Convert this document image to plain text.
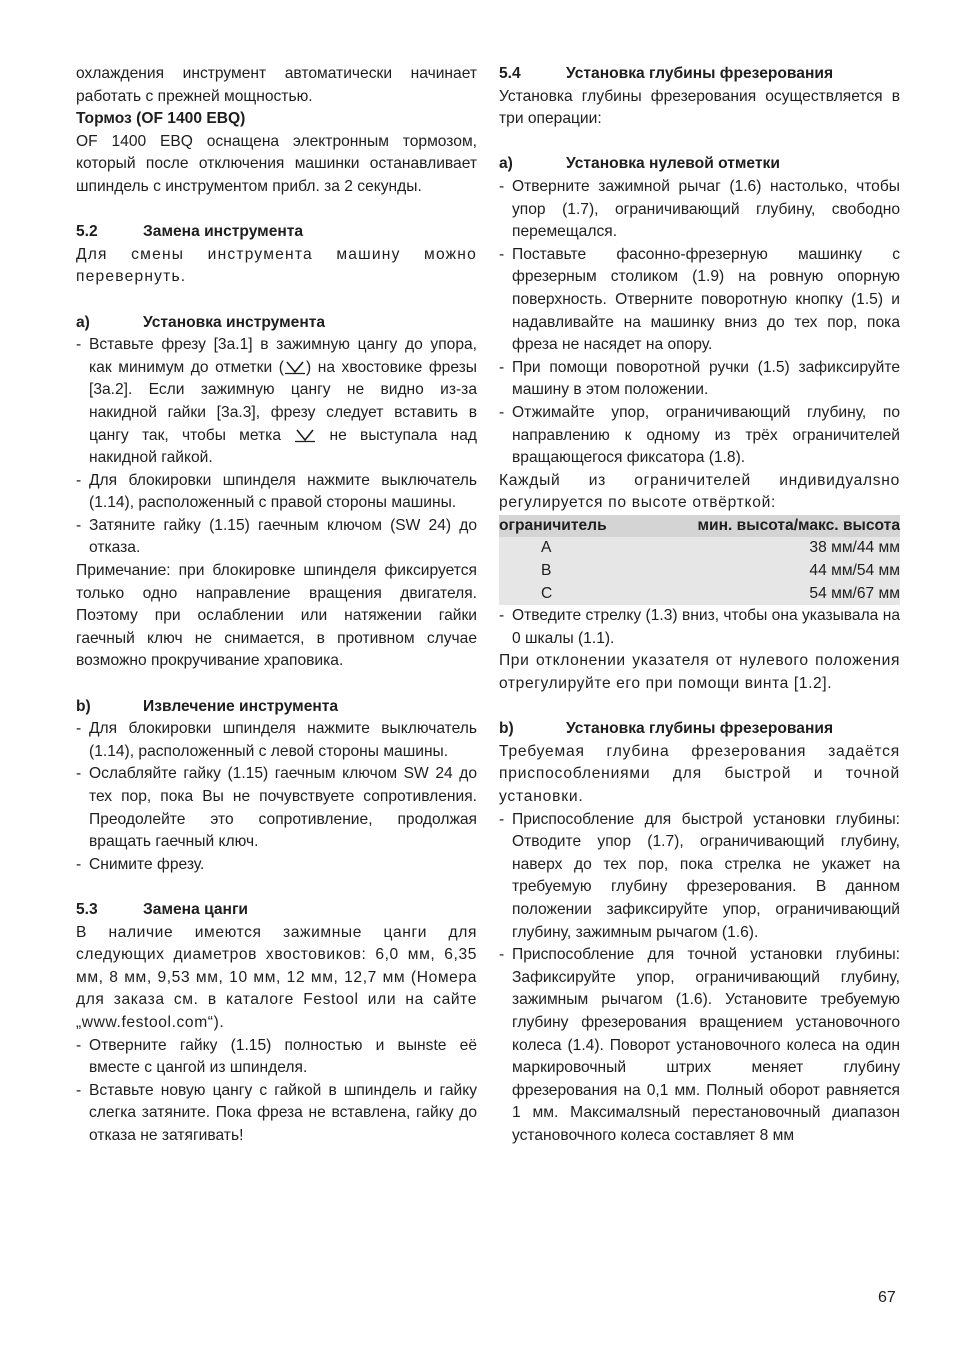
охлаждения инструмент автоматически начинает работать с прежней мощностью.

Тормоз (OF 1400 EBQ)

OF 1400 EBQ оснащена электронным тормозом, который после отключения машинки останавливает шпиндель с инструментом прибл. за 2 секунды.

5.2	Замена инструмента

Для смены инструмента машину можно перевернуть.

a)	Установка инструмента
- Вставьте фрезу [3a.1] в зажимную цангу до упора, как минимум до отметки ( ) на хвостовике фрезы [3a.2]. Если зажимную цангу не видно из-за накидной гайки [3a.3], фрезу следует вставить в цангу так, чтобы метка  не выступала над накидной гайкой.
- Для блокировки шпинделя нажмите выключатель (1.14), расположенный с правой стороны машины.
- Затяните гайку (1.15) гаечным ключом (SW 24) до отказа.

Примечание: при блокировке шпинделя фиксируется только одно направление вращения двигателя. Поэтому при ослаблении или натяжении гайки гаечный ключ не снимается, в противном случае возможно прокручивание храповика.

b)	Извлечение инструмента
- Для блокировки шпинделя нажмите выключатель (1.14), расположенный с левой стороны машины.
- Ослабляйте гайку (1.15) гаечным ключом SW 24 до тех пор, пока Вы не почувствуете сопротивления. Преодолейте это сопротивление, продолжая вращать гаечный ключ.
- Снимите фрезу.
5.3	Замена цанги

В наличие имеются зажимные цанги для следующих диаметров хвостовиков: 6,0 мм, 6,35 мм, 8 мм, 9,53 мм, 10 мм, 12 мм, 12,7 мм (Номера для заказа см. в каталоге Festool или на сайте „www.festool.com“).

- Отверните гайку (1.15) полностью и вынstе её вместе с цангой из шпинделя.
- Вставьте новую цангу с гайкой в шпиндель и гайку слегка затяните. Пока фреза не вставлена, гайку до отказа не затягивать!
5.4	Установка глубины фрезерования

Установка глубины фрезерования осуществляется в три операции:

a)	Установка нулевой отметки
- Отверните зажимной рычаг (1.6) настолько, чтобы упор (1.7), ограничивающий глубину, свободно перемещался.
- Поставьте фасонно-фрезерную машинку с фрезерным столиком (1.9) на ровную опорную поверхность. Отверните поворотную кнопку (1.5) и надавливайте на машинку вниз до тех пор, пока фреза не насядет на опору.
- При помощи поворотной ручки (1.5) зафиксируйте машину в этом положении.
- Отжимайте упор, ограничивающий глубину, по направлению к одному из трёх ограничителей вращающегося фиксатора (1.8).

Каждый из ограничителей индивидуалsно регулируется по высоте отвёрткой:

ограничитель	мин. высота/макс. высота
A	38 мм/44 мм
B	44 мм/54 мм
C	54 мм/67 мм
- Отведите стрелку (1.3) вниз, чтобы она указывала на 0 шкалы (1.1).

При отклонении указателя от нулевого положения отрегулируйте его при помощи винта [1.2].

b)	Установка глубины фрезерования

Требуемая глубина фрезерования задаётся приспособлениями для быстрой и точной установки.

- Приспособление для быстрой установки глубины: Отводите упор (1.7), ограничивающий глубину, наверх до тех пор, пока стрелка не укажет на требуемую глубину фрезерования. В данном положении зафиксируйте упор, ограничивающий глубину, зажимным рычагом (1.6).
- Приспособление для точной установки глубины: Зафиксируйте упор, ограничивающий глубину, зажимным рычагом (1.6). Установите требуемую глубину фрезерования вращением установочного колеса (1.4). Поворот установочного колеса на один маркировочный штрих меняет глубину фрезерования на 0,1 мм. Полный оборот равняется 1 мм. Максималsный перестановочный диапазон установочного колеса составляет 8 мм
67
